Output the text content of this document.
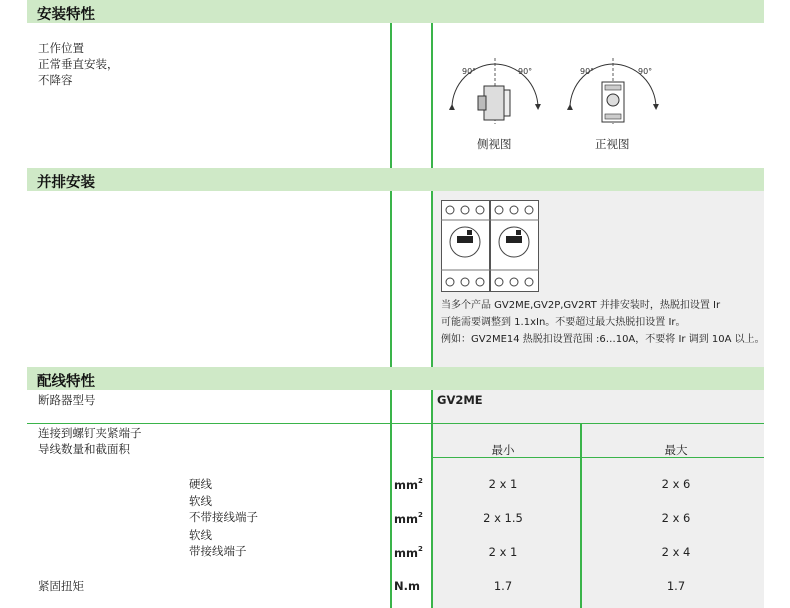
安装特性
工作位置
正常垂直安装，
不降容
90°	90°
侧视图
90°	90°
正视图
并排安装
当多个产品 GV2ME,GV2P,GV2RT 并排安装时，热脱扣设置 Ir
可能需要调整到 1.1xIn。不要超过最大热脱扣设置 Ir。
例如：GV2ME14 热脱扣设置范围 :6…10A，不要将 Ir 调到 10A 以上。
配线特性
断路器型号	GV2ME
连接到螺钉夹紧端子
导线数量和截面积	最小	最大
硬线	$mm^2$	2 x 1	2 x 6
软线
不带接线端子	$mm^2$	2 x 1.5	2 x 6
软线
带接线端子	$mm^2$	2 x 1	2 x 4
紧固扭矩	N.m	1.7	1.7
